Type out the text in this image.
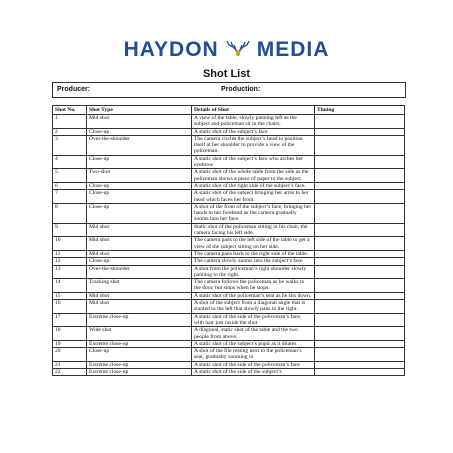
HAYDON MEDIA
Shot List
Producer:	Production:
Shot No.	Shot Type	Details of Shot	Timing
1	Mid shot	A view of the table, slowly panning left as the subject and policeman sit in the chairs.	
2	Close-up	A static shot of the subject’s face	
3	Over-the-shoulder	The camera circles the subject’s head to position itself at her shoulder to provide a view of the policeman.	
4	Close-up	A static shot of the subject’s face who arches her eyebrow	
5	Two-shot	A static shot of the whole table from the side as the policeman shows a piece of paper to the subject.	
6	Close-up	A static shot of the right side of the subject’s face.	
7	Close-up	A static shot of the subject bringing her arms to her head which faces her front.	
8	Close-up	A shot of the front of the subject’s face, bringing her hands to her forehead as the camera gradually zooms into her face.	
9	Mid shot	Static shot of the policeman sitting in his chair, the camera facing his left side.	
10	Mid shot	The camera pans to the left side of the table to get a view of the subject sitting on her side.	
11	Mid shot	The camera pans back to the right side of the table.	
12	Close-up	The camera slowly zooms into the subject’s face	
13	Over-the-shoulder	A shot from the policeman’s right shoulder slowly panning to the right.	
14	Tracking shot	The camera follows the policeman as he walks to the door, but stops when he stops.	
15	Mid shot	A static shot of the policeman’s seat as he sits down.	
16	Mid shot	A shot of the subject from a diagonal angle that is slanted to the left that slowly pans to the right.	
17	Extreme close-up	A static shot of the side of the policeman’s face, with hair just inside the shot	
18	Wide shot	A diagonal, static shot of the table and the two people from above.	
19	Extreme close-up	A static shot of the subject’s pupil as it dilates	
20	Close-up	A shot of the file resting next to the policeman’s seat, gradually zooming in	
21	Extreme close-up	A static shot of the side of the policeman’s face	
22	Extreme close-up	A static shot of the side of the subject’s	
